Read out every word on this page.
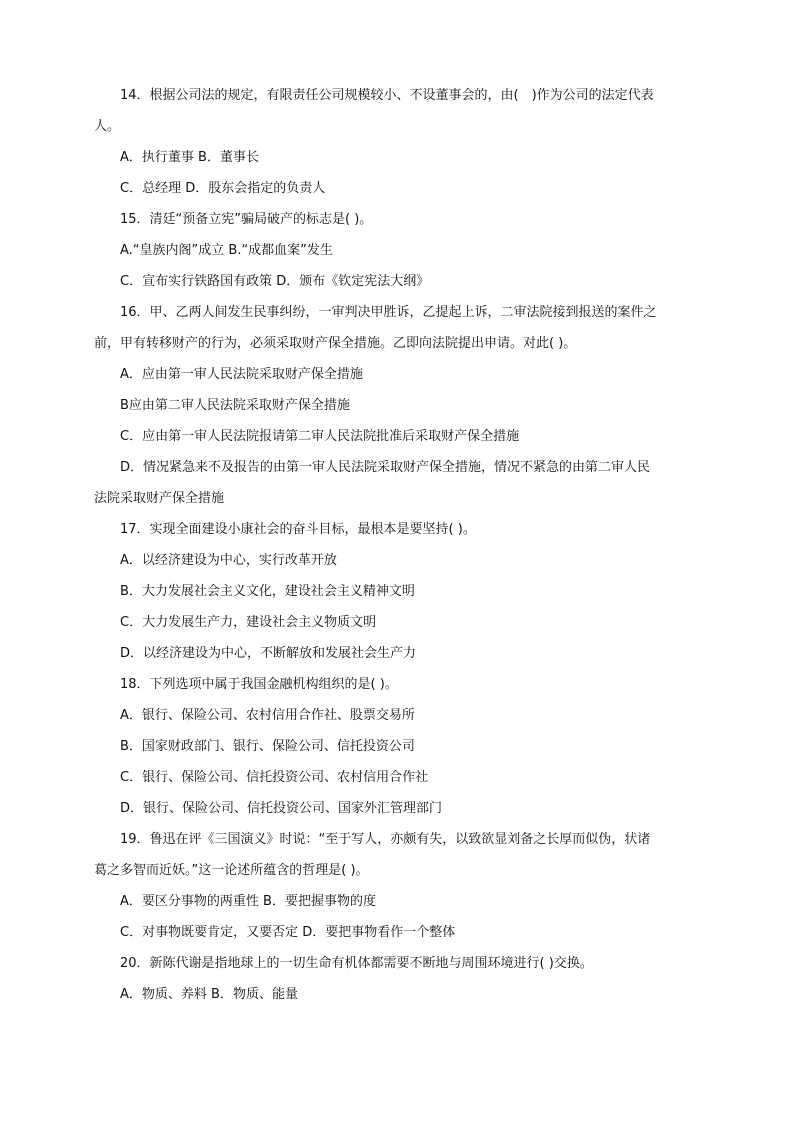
14．根据公司法的规定，有限责任公司规模较小、不设董事会的，由(　)作为公司的法定代表
人。
A．执行董事 B．董事长
C．总经理 D．股东会指定的负责人
15．清廷“预备立宪”骗局破产的标志是( )。
A.“皇族内阁”成立 B.“成都血案”发生
C．宣布实行铁路国有政策 D．颁布《钦定宪法大纲》
16．甲、乙两人间发生民事纠纷，一审判决甲胜诉，乙提起上诉，二审法院接到报送的案件之
前，甲有转移财产的行为，必须采取财产保全措施。乙即向法院提出申请。对此( )。
A．应由第一审人民法院采取财产保全措施
B应由第二审人民法院采取财产保全措施
C．应由第一审人民法院报请第二审人民法院批准后采取财产保全措施
D．情况紧急来不及报告的由第一审人民法院采取财产保全措施，情况不紧急的由第二审人民
法院采取财产保全措施
17．实现全面建设小康社会的奋斗目标，最根本是要坚持( )。
A．以经济建设为中心，实行改革开放
B．大力发展社会主义文化，建设社会主义精神文明
C．大力发展生产力，建设社会主义物质文明
D．以经济建设为中心，不断解放和发展社会生产力
18．下列选项中属于我国金融机构组织的是( )。
A．银行、保险公司、农村信用合作社、股票交易所
B．国家财政部门、银行、保险公司、信托投资公司
C．银行、保险公司、信托投资公司、农村信用合作社
D．银行、保险公司、信托投资公司、国家外汇管理部门
19．鲁迅在评《三国演义》时说：“至于写人，亦颇有失，以致欲显刘备之长厚而似伪，状诸
葛之多智而近妖。”这一论述所蕴含的哲理是( )。
A．要区分事物的两重性 B．要把握事物的度
C．对事物既要肯定，又要否定 D．要把事物看作一个整体
20．新陈代谢是指地球上的一切生命有机体都需要不断地与周围环境进行( )交换。
A．物质、养料 B．物质、能量
